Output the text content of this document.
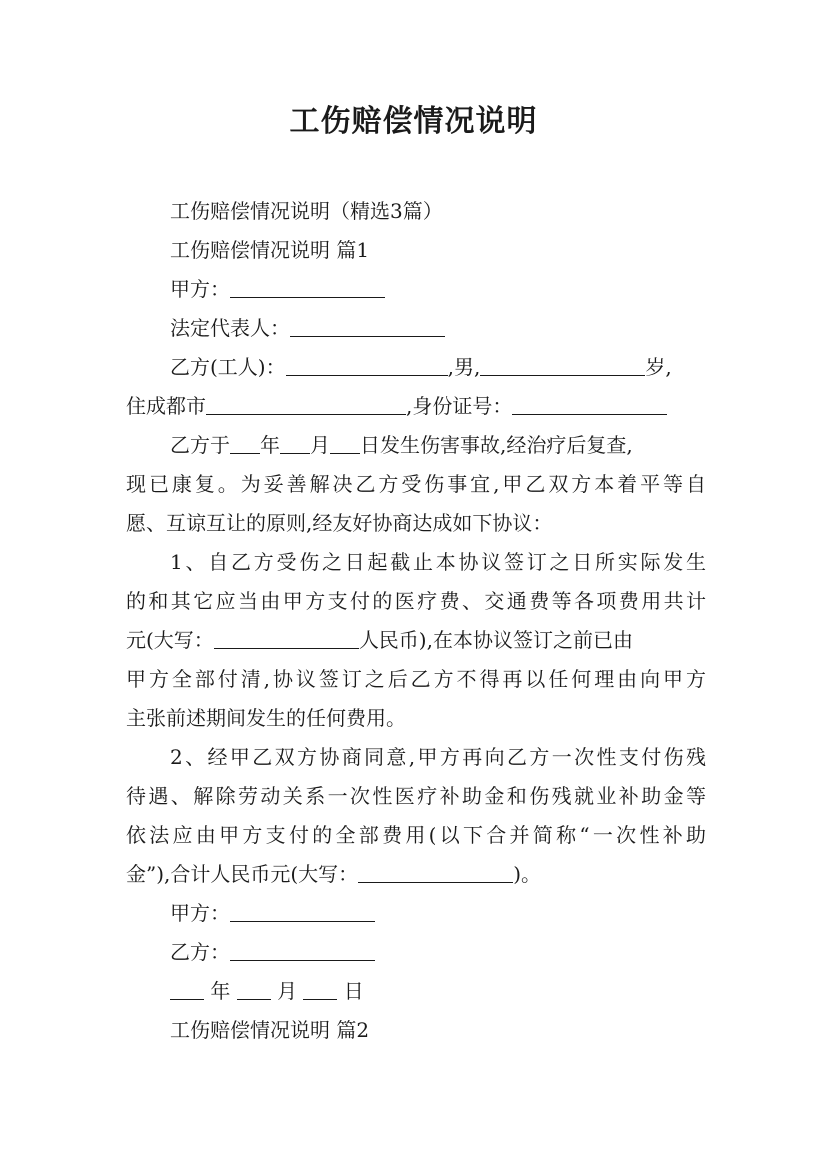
工伤赔偿情况说明
工伤赔偿情况说明（精选3篇）
工伤赔偿情况说明 篇1
甲方：
法定代表人：
乙方(工人)：	,男,	岁,
住成都市	,身份证号：
乙方于 年 月 日发生伤害事故,经治疗后复查,
现已康复。为妥善解决乙方受伤事宜,甲乙双方本着平等自
愿、互谅互让的原则,经友好协商达成如下协议：
1、自乙方受伤之日起截止本协议签订之日所实际发生
的和其它应当由甲方支付的医疗费、交通费等各项费用共计
元(大写：	人民币),在本协议签订之前已由
甲方全部付清,协议签订之后乙方不得再以任何理由向甲方
主张前述期间发生的任何费用。
2、经甲乙双方协商同意,甲方再向乙方一次性支付伤残
待遇、解除劳动关系一次性医疗补助金和伤残就业补助金等
依法应由甲方支付的全部费用(以下合并简称“一次性补助
金”),合计人民币元(大写：	)。
甲方：
乙方：
年 月 日
工伤赔偿情况说明 篇2
